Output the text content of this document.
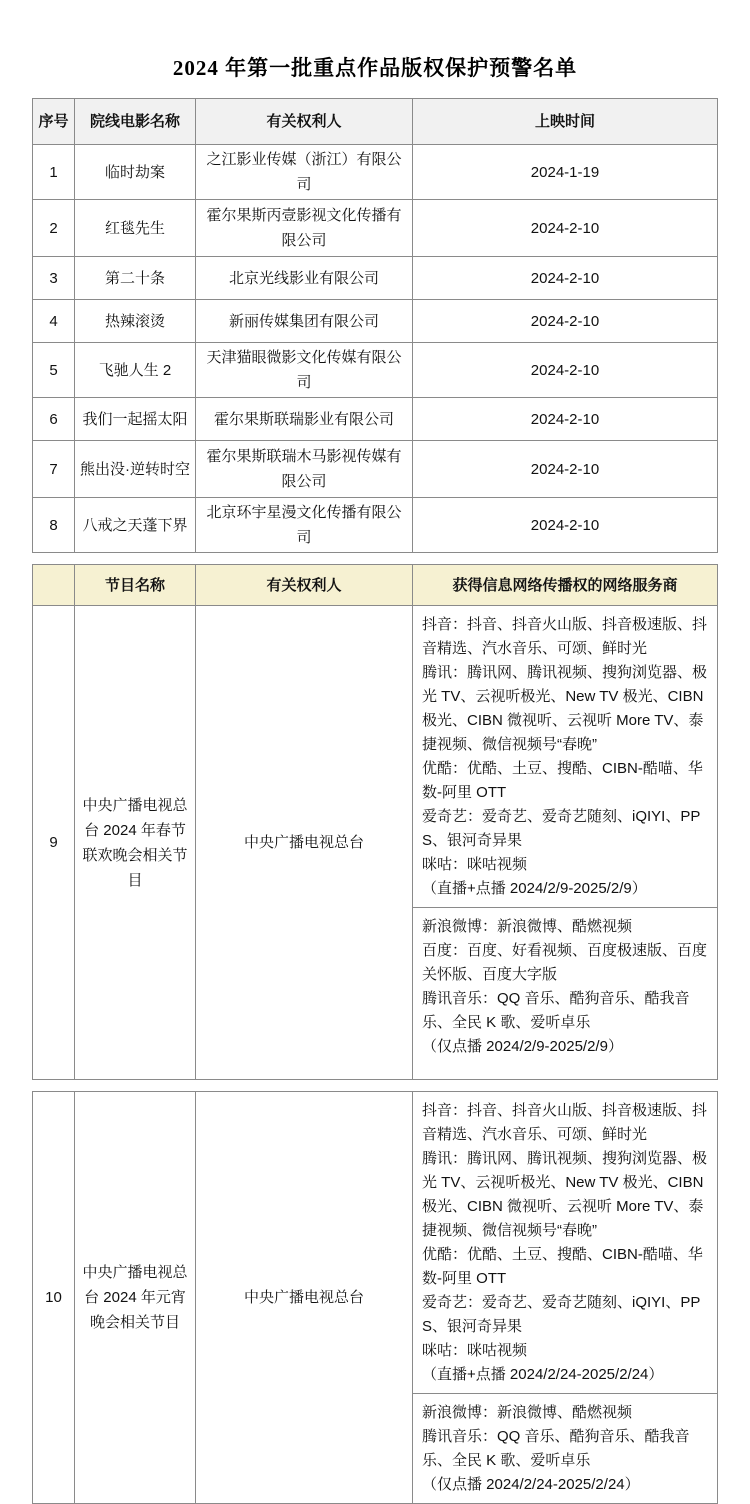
2024 年第一批重点作品版权保护预警名单
序号	院线电影名称	有关权利人	上映时间
1	临时劫案	之江影业传媒（浙江）有限公司	2024-1-19
2	红毯先生	霍尔果斯丙壹影视文化传播有限公司	2024-2-10
3	第二十条	北京光线影业有限公司	2024-2-10
4	热辣滚烫	新丽传媒集团有限公司	2024-2-10
5	飞驰人生 2	天津猫眼微影文化传媒有限公司	2024-2-10
6	我们一起摇太阳	霍尔果斯联瑞影业有限公司	2024-2-10
7	熊出没·逆转时空	霍尔果斯联瑞木马影视传媒有限公司	2024-2-10
8	八戒之天蓬下界	北京环宇星漫文化传播有限公司	2024-2-10
	节目名称	有关权利人	获得信息网络传播权的网络服务商
9	中央广播电视总台 2024 年春节联欢晚会相关节目	中央广播电视总台	
抖音：抖音、抖音火山版、抖音极速版、抖音精选、汽水音乐、可颂、鲜时光
腾讯：腾讯网、腾讯视频、搜狗浏览器、极光 TV、云视听极光、New TV 极光、CIBN 极光、CIBN 微视听、云视听 More TV、泰捷视频、微信视频号“春晚”
优酷：优酷、土豆、搜酷、CIBN-酷喵、华数-阿里 OTT
爱奇艺：爱奇艺、爱奇艺随刻、iQIYI、PPS、银河奇异果
咪咕：咪咕视频
（直播+点播 2024/2/9-2025/2/9）

			新浪微博：新浪微博、酷燃视频
百度：百度、好看视频、百度极速版、百度关怀版、百度大字版
腾讯音乐：QQ 音乐、酷狗音乐、酷我音乐、全民 K 歌、爱听卓乐
（仅点播 2024/2/9-2025/2/9）
10	中央广播电视总台 2024 年元宵晚会相关节目	中央广播电视总台	
抖音：抖音、抖音火山版、抖音极速版、抖音精选、汽水音乐、可颂、鲜时光
腾讯：腾讯网、腾讯视频、搜狗浏览器、极光 TV、云视听极光、New TV 极光、CIBN 极光、CIBN 微视听、云视听 More TV、泰捷视频、微信视频号“春晚”
优酷：优酷、土豆、搜酷、CIBN-酷喵、华数-阿里 OTT
爱奇艺：爱奇艺、爱奇艺随刻、iQIYI、PPS、银河奇异果
咪咕：咪咕视频
（直播+点播 2024/2/24-2025/2/24）

新浪微博：新浪微博、酷燃视频
腾讯音乐：QQ 音乐、酷狗音乐、酷我音乐、全民 K 歌、爱听卓乐
（仅点播 2024/2/24-2025/2/24）
